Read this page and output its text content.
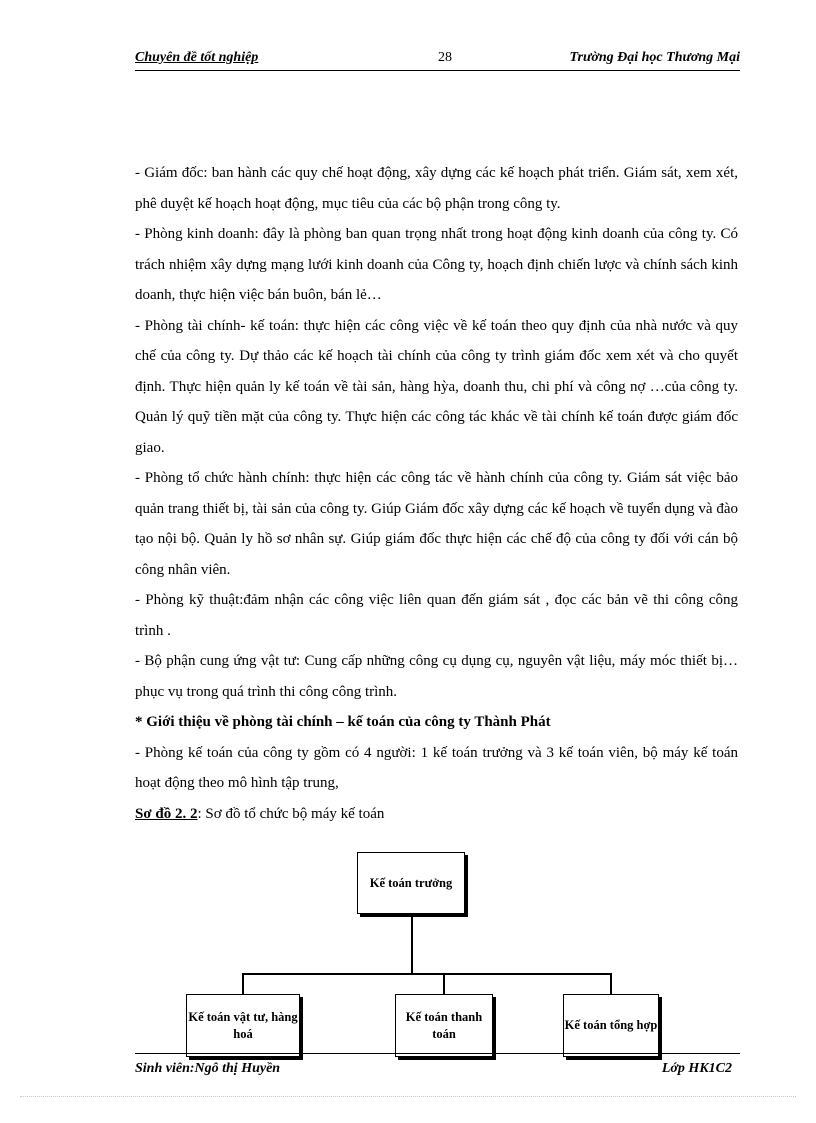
Chuyên đề tốt nghiệp	28	Trường Đại học Thương Mại

- Giám đốc: ban hành các quy chế hoạt động, xây dựng các kế hoạch phát triển. Giám sát, xem xét, phê duyệt kế hoạch hoạt động, mục tiêu của các bộ phận trong công ty.

- Phòng kinh doanh: đây là phòng ban quan trọng nhất trong hoạt động kinh doanh của công ty. Có trách nhiệm xây dựng mạng lưới kinh doanh của Công ty, hoạch định chiến lược và chính sách kinh doanh, thực hiện việc bán buôn, bán lẻ…

- Phòng tài chính- kế toán: thực hiện các công việc về kế toán theo quy định của nhà nước và quy chế của công ty. Dự thảo các kế hoạch tài chính của công ty trình giám đốc xem xét và cho quyết định. Thực hiện quản ly kế toán về tài sản, hàng hỳa, doanh thu, chi phí và công nợ …của công ty. Quản lý quỹ tiền mặt của công ty. Thực hiện các công tác khác về tài chính kế toán được giám đốc giao.

- Phòng tổ chức hành chính: thực hiện các công tác về hành chính của công ty. Giám sát việc bảo quản trang thiết bị, tài sản của công ty. Giúp Giám đốc xây dựng các kế hoạch về tuyển dụng và đào tạo nội bộ. Quản ly hồ sơ nhân sự. Giúp giám đốc thực hiện các chế độ của công ty đối với cán bộ công nhân viên.

- Phòng kỹ thuật:đảm nhận các công việc liên quan đến giám sát , đọc các bản vẽ thi công công trình .

- Bộ phận cung ứng vật tư: Cung cấp những công cụ dụng cụ, nguyên vật liệu, máy móc thiết bị…phục vụ trong quá trình thi công công trình.

* Giới thiệu về phòng tài chính – kế toán của công ty Thành Phát

- Phòng kế toán của công ty gồm có 4 người: 1 kế toán trưởng và 3 kế toán viên, bộ máy kế toán hoạt động theo mô hình tập trung,

Sơ đồ 2. 2: Sơ đồ tổ chức bộ máy kế toán

Kế toán trưởng
Kế toán vật tư, hàng hoá
Kế toán thanh toán
Kế toán tổng hợp
Sinh viên:Ngô thị Huyền	Lớp HK1C2
